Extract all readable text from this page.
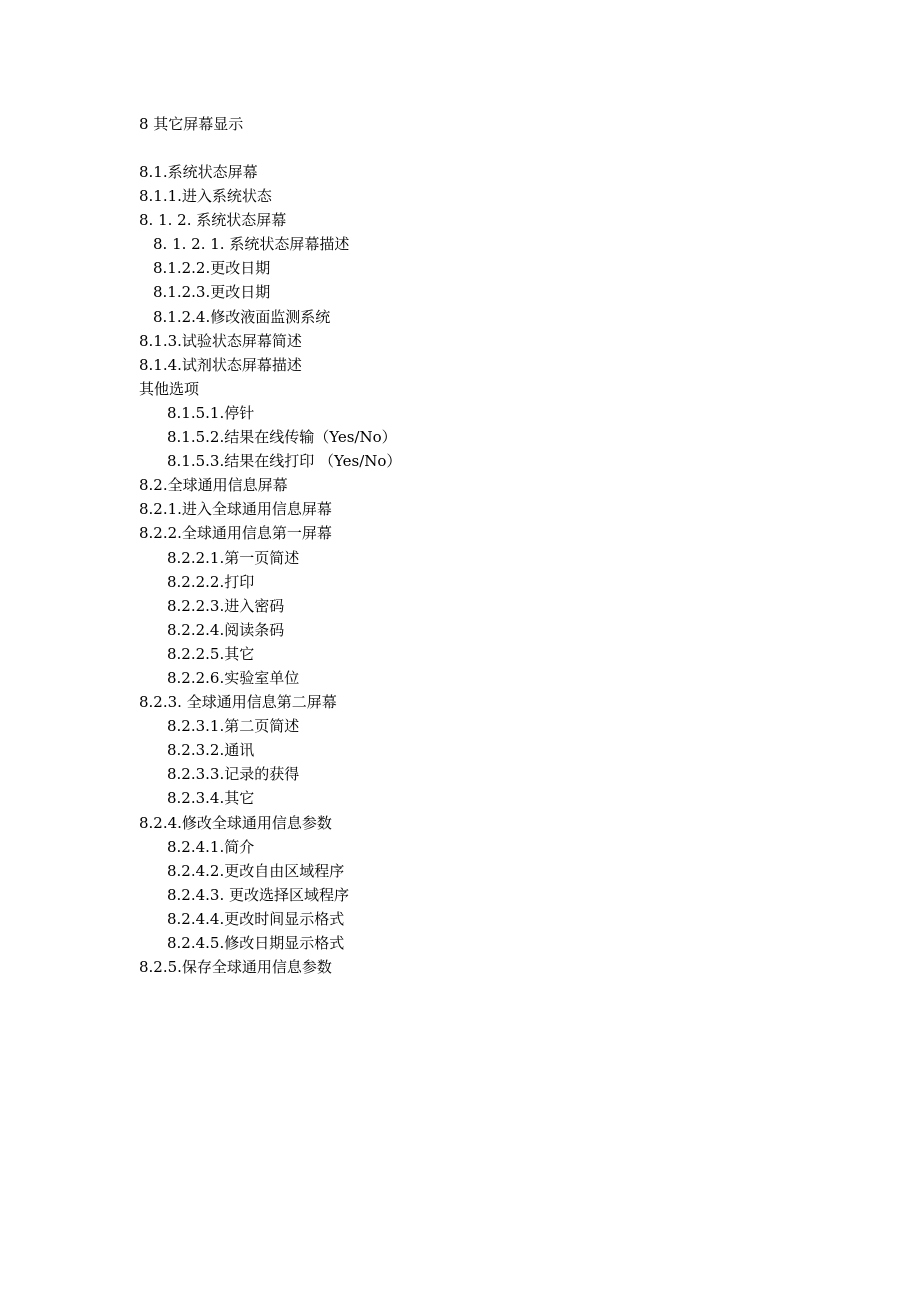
8 其它屏幕显示
8.1.系统状态屏幕
8.1.1.进入系统状态
8. 1. 2. 系统状态屏幕
8. 1. 2. 1. 系统状态屏幕描述
8.1.2.2.更改日期
8.1.2.3.更改日期
8.1.2.4.修改液面监测系统
8.1.3.试验状态屏幕简述
8.1.4.试剂状态屏幕描述
其他选项
8.1.5.1.停针
8.1.5.2.结果在线传输（Yes/No）
8.1.5.3.结果在线打印 （Yes/No）
8.2.全球通用信息屏幕
8.2.1.进入全球通用信息屏幕
8.2.2.全球通用信息第一屏幕
8.2.2.1.第一页简述
8.2.2.2.打印
8.2.2.3.进入密码
8.2.2.4.阅读条码
8.2.2.5.其它
8.2.2.6.实验室单位
8.2.3. 全球通用信息第二屏幕
8.2.3.1.第二页简述
8.2.3.2.通讯
8.2.3.3.记录的获得
8.2.3.4.其它
8.2.4.修改全球通用信息参数
8.2.4.1.简介
8.2.4.2.更改自由区域程序
8.2.4.3. 更改选择区域程序
8.2.4.4.更改时间显示格式
8.2.4.5.修改日期显示格式
8.2.5.保存全球通用信息参数
